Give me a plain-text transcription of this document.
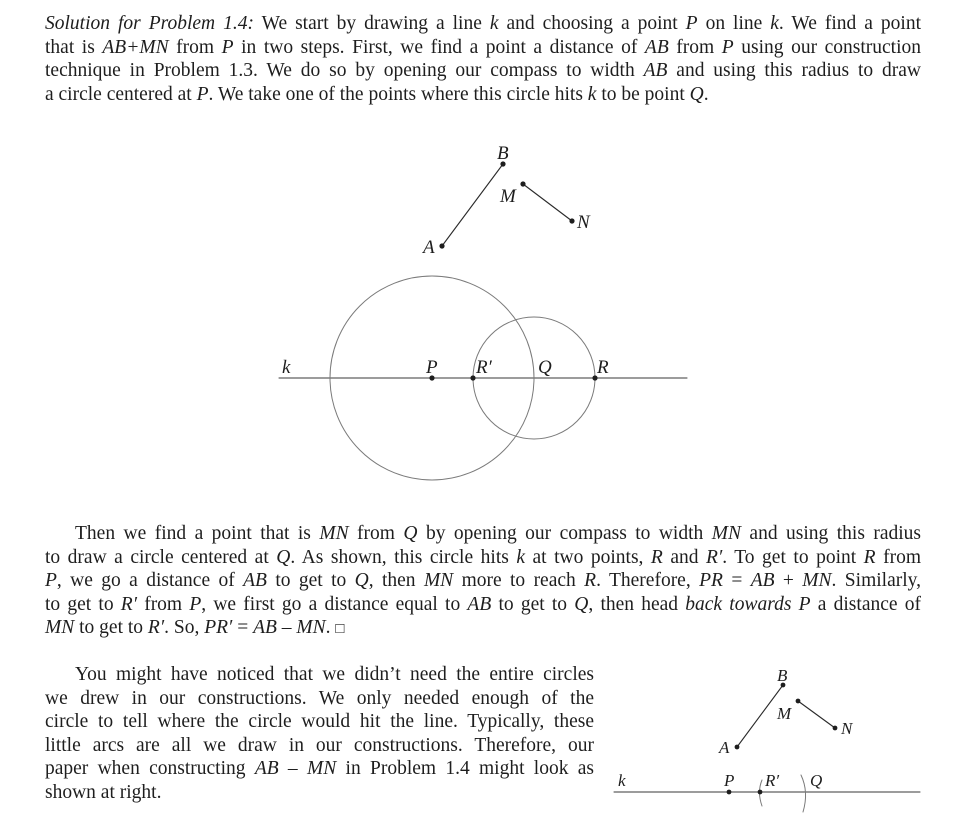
Solution for Problem 1.4: We start by drawing a line k and choosing a point P on line k. We find a point
that is AB+MN from P in two steps. First, we find a point a distance of AB from P using our construction
technique in Problem 1.3. We do so by opening our compass to width AB and using this radius to draw
a circle centered at P. We take one of the points where this circle hits k to be point Q.
A
B
M
N
k	P R′ Q R
A
B
M
N
k	P R′ Q
Then we find a point that is MN from Q by opening our compass to width MN and using this radius
to draw a circle centered at Q. As shown, this circle hits k at two points, R and R′. To get to point R from
P, we go a distance of AB to get to Q, then MN more to reach R. Therefore, PR = AB + MN. Similarly,
to get to R′ from P, we first go a distance equal to AB to get to Q, then head back towards P a distance of
MN to get to R′. So, PR′ = AB – MN. □
You might have noticed that we didn’t need the entire circles
we drew in our constructions. We only needed enough of the
circle to tell where the circle would hit the line. Typically, these
little arcs are all we draw in our constructions. Therefore, our
paper when constructing AB – MN in Problem 1.4 might look as
shown at right.
